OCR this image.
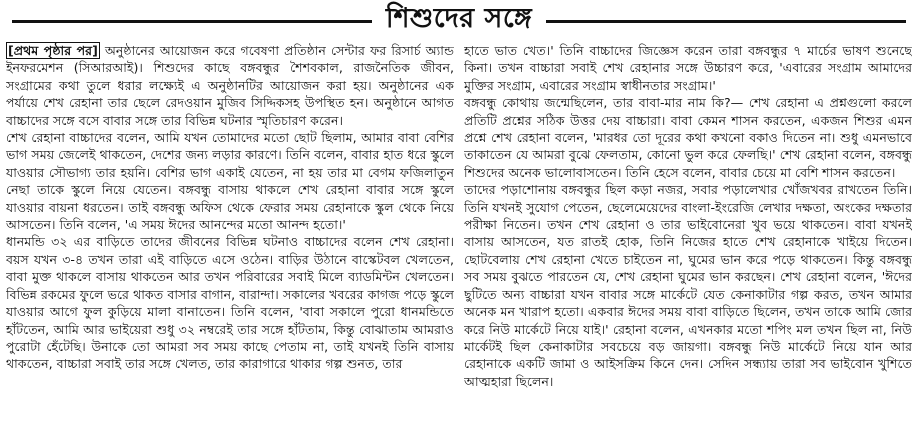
শিশুদের সঙ্গে

[প্রথম পৃষ্ঠার পর] অনুষ্ঠানের আয়োজন করে গবেষণা প্রতিষ্ঠান সেন্টার ফর রিসার্চ অ্যান্ড ইনফরমেশন (সিআরআই)। শিশুদের কাছে বঙ্গবন্ধুর শৈশবকাল, রাজনৈতিক জীবন, সংগ্রামের কথা তুলে ধরার লক্ষ্যেই এ অনুষ্ঠানটির আয়োজন করা হয়। অনুষ্ঠানের এক পর্যায়ে শেখ রেহানা তার ছেলে রেদওয়ান মুজিব সিদ্দিকসহ উপস্থিত হন। অনুষ্ঠানে আগত বাচ্চাদের সঙ্গে বসে বাবার সঙ্গে তার বিভিন্ন ঘটনার স্মৃতিচারণ করেন।

শেখ রেহানা বাচ্চাদের বলেন, আমি যখন তোমাদের মতো ছোট ছিলাম, আমার বাবা বেশির ভাগ সময় জেলেই থাকতেন, দেশের জন্য লড়ার কারণে। তিনি বলেন, বাবার হাত ধরে স্কুলে যাওয়ার সৌভাগ্য তার হয়নি। বেশির ভাগ একাই যেতেন, না হয় তার মা বেগম ফজিলাতুন নেছা তাকে স্কুলে নিয়ে যেতেন। বঙ্গবন্ধু বাসায় থাকলে শেখ রেহানা বাবার সঙ্গে স্কুলে যাওয়ার বায়না ধরতেন। তাই বঙ্গবন্ধু অফিস থেকে ফেরার সময় রেহানাকে স্কুল থেকে নিয়ে আসতেন। তিনি বলেন, 'এ সময় ঈদের আনন্দের মতো আনন্দ হতো।'

ধানমন্ডি ৩২ এর বাড়িতে তাদের জীবনের বিভিন্ন ঘটনাও বাচ্চাদের বলেন শেখ রেহানা। বয়স যখন ৩-৪ তখন তারা এই বাড়িতে এসে ওঠেন। বাড়ির উঠানে বাস্কেটবল খেলতেন, বাবা মুক্ত থাকলে বাসায় থাকতেন আর তখন পরিবারের সবাই মিলে ব্যাডমিন্টন খেলতেন। বিভিন্ন রকমের ফুলে ভরে থাকত বাসার বাগান, বারান্দা। সকালের খবরের কাগজ পড়ে স্কুলে যাওয়ার আগে ফুল কুড়িয়ে মালা বানাতেন। তিনি বলেন, 'বাবা সকালে পুরো ধানমন্ডিতে হাঁটতেন, আমি আর ভাইয়েরা শুধু ৩২ নম্বরেই তার সঙ্গে হাঁটতাম, কিন্তু বোঝাতাম আমরাও পুরোটা হেঁটেছি। উনাকে তো আমরা সব সময় কাছে পেতাম না, তাই যখনই তিনি বাসায় থাকতেন, বাচ্চারা সবাই তার সঙ্গে খেলত, তার কারাগারে থাকার গল্প শুনত, তার

হাতে ভাত খেত।' তিনি বাচ্চাদের জিজ্ঞেস করেন তারা বঙ্গবন্ধুর ৭ মার্চের ভাষণ শুনেছে কিনা। তখন বাচ্চারা সবাই শেখ রেহানার সঙ্গে উচ্চারণ করে, 'এবারের সংগ্রাম আমাদের মুক্তির সংগ্রাম, এবারের সংগ্রাম স্বাধীনতার সংগ্রাম।'

বঙ্গবন্ধু কোথায় জন্মেছিলেন, তার বাবা-মার নাম কি?— শেখ রেহানা এ প্রশ্নগুলো করলে প্রতিটি প্রশ্নের সঠিক উত্তর দেয় বাচ্চারা। বাবা কেমন শাসন করতেন, একজন শিশুর এমন প্রশ্নে শেখ রেহানা বলেন, 'মারধর তো দূরের কথা কখনো বকাও দিতেন না। শুধু এমনভাবে তাকাতেন যে আমরা বুঝে ফেলতাম, কোনো ভুল করে ফেলছি।' শেখ রেহানা বলেন, বঙ্গবন্ধু শিশুদের অনেক ভালোবাসতেন। তিনি হেসে বলেন, বাবার চেয়ে মা বেশি শাসন করতেন।

তাদের পড়াশোনায় বঙ্গবন্ধুর ছিল কড়া নজর, সবার পড়ালেখার খোঁজখবর রাখতেন তিনি। তিনি যখনই সুযোগ পেতেন, ছেলেমেয়েদের বাংলা-ইংরেজি লেখার দক্ষতা, অংকের দক্ষতার পরীক্ষা নিতেন। তখন শেখ রেহানা ও তার ভাইবোনেরা খুব ভয়ে থাকতেন। বাবা যখনই বাসায় আসতেন, যত রাতই হোক, তিনি নিজের হাতে শেখ রেহানাকে খাইয়ে দিতেন। ছোটবেলায় শেখ রেহানা খেতে চাইতেন না, ঘুমের ভান করে পড়ে থাকতেন। কিন্তু বঙ্গবন্ধু সব সময় বুঝতে পারতেন যে, শেখ রেহানা ঘুমের ভান করছেন। শেখ রেহানা বলেন, 'ঈদের ছুটিতে অন্য বাচ্চারা যখন বাবার সঙ্গে মার্কেটে যেত কেনাকাটার গল্প করত, তখন আমার অনেক মন খারাপ হতো। একবার ঈদের সময় বাবা বাড়িতে ছিলেন, তখন তাকে আমি জোর করে নিউ মার্কেটে নিয়ে যাই।' রেহানা বলেন, এখনকার মতো শপিং মল তখন ছিল না, নিউ মার্কেটই ছিল কেনাকাটার সবচেয়ে বড় জায়গা। বঙ্গবন্ধু নিউ মার্কেটে নিয়ে যান আর রেহানাকে একটি জামা ও আইসক্রিম কিনে দেন। সেদিন সন্ধ্যায় তারা সব ভাইবোন খুশিতে আত্মহারা ছিলেন।
